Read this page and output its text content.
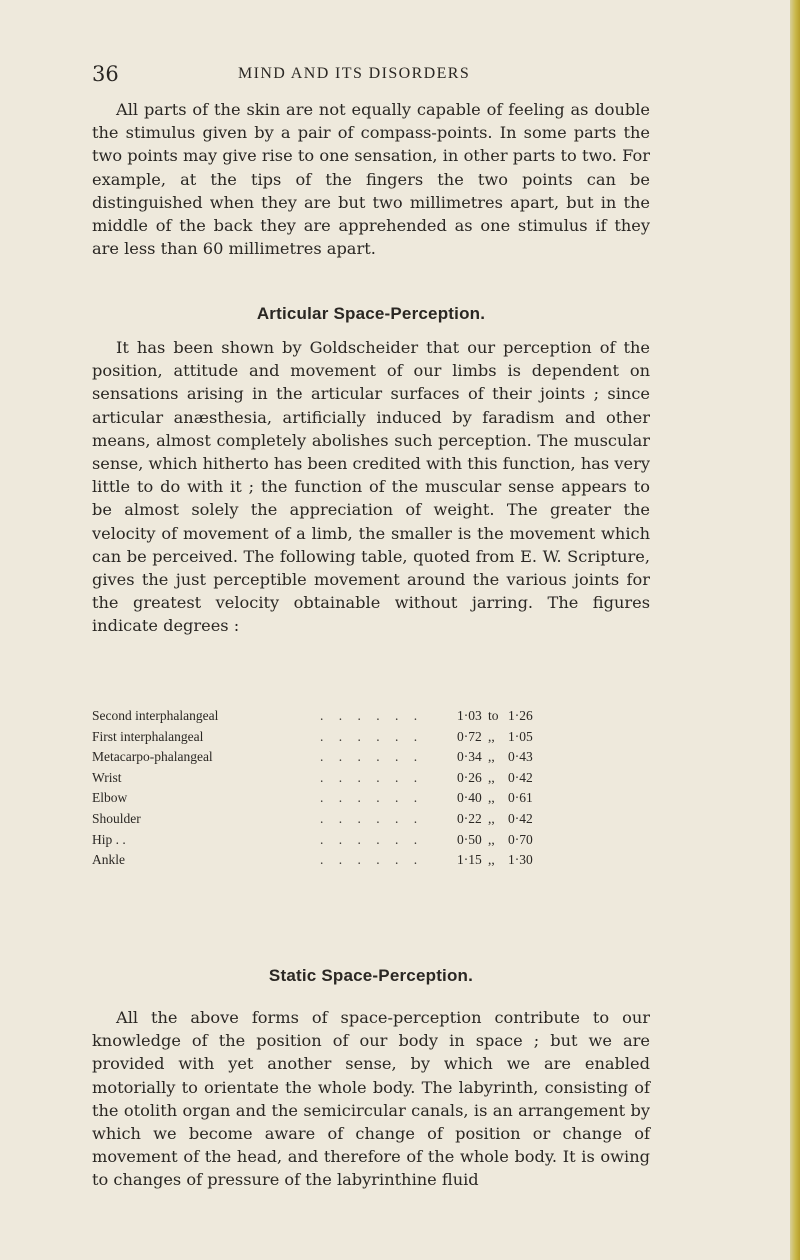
36	MIND AND ITS DISORDERS

All parts of the skin are not equally capable of feeling as double the stimulus given by a pair of compass-points. In some parts the two points may give rise to one sensation, in other parts to two. For example, at the tips of the fingers the two points can be distinguished when they are but two millimetres apart, but in the middle of the back they are apprehended as one stimulus if they are less than 60 millimetres apart.

Articular Space-Perception.

It has been shown by Goldscheider that our perception of the position, attitude and movement of our limbs is dependent on sensations arising in the articular surfaces of their joints ; since articular anæsthesia, artificially induced by faradism and other means, almost completely abolishes such perception. The muscular sense, which hitherto has been credited with this function, has very little to do with it ; the function of the muscular sense appears to be almost solely the appreciation of weight. The greater the velocity of movement of a limb, the smaller is the movement which can be perceived. The following table, quoted from E. W. Scripture, gives the just perceptible movement around the various joints for the greatest velocity obtainable without jarring. The figures indicate degrees :

Second interphalangeal	. . . . . .	1·03 to 1·26
First interphalangeal	. . . . . .	0·72 ,, 1·05
Metacarpo-phalangeal	. . . . . .	0·34 ,, 0·43
Wrist	. . . . . .	0·26 ,, 0·42
Elbow	. . . . . .	0·40 ,, 0·61
Shoulder	. . . . . .	0·22 ,, 0·42
Hip . .	. . . . . .	0·50 ,, 0·70
Ankle	. . . . . .	1·15 ,, 1·30
Static Space-Perception.

All the above forms of space-perception contribute to our knowledge of the position of our body in space ; but we are provided with yet another sense, by which we are enabled motorially to orientate the whole body. The labyrinth, consisting of the otolith organ and the semicircular canals, is an arrangement by which we become aware of change of position or change of movement of the head, and therefore of the whole body. It is owing to changes of pressure of the labyrinthine fluid
